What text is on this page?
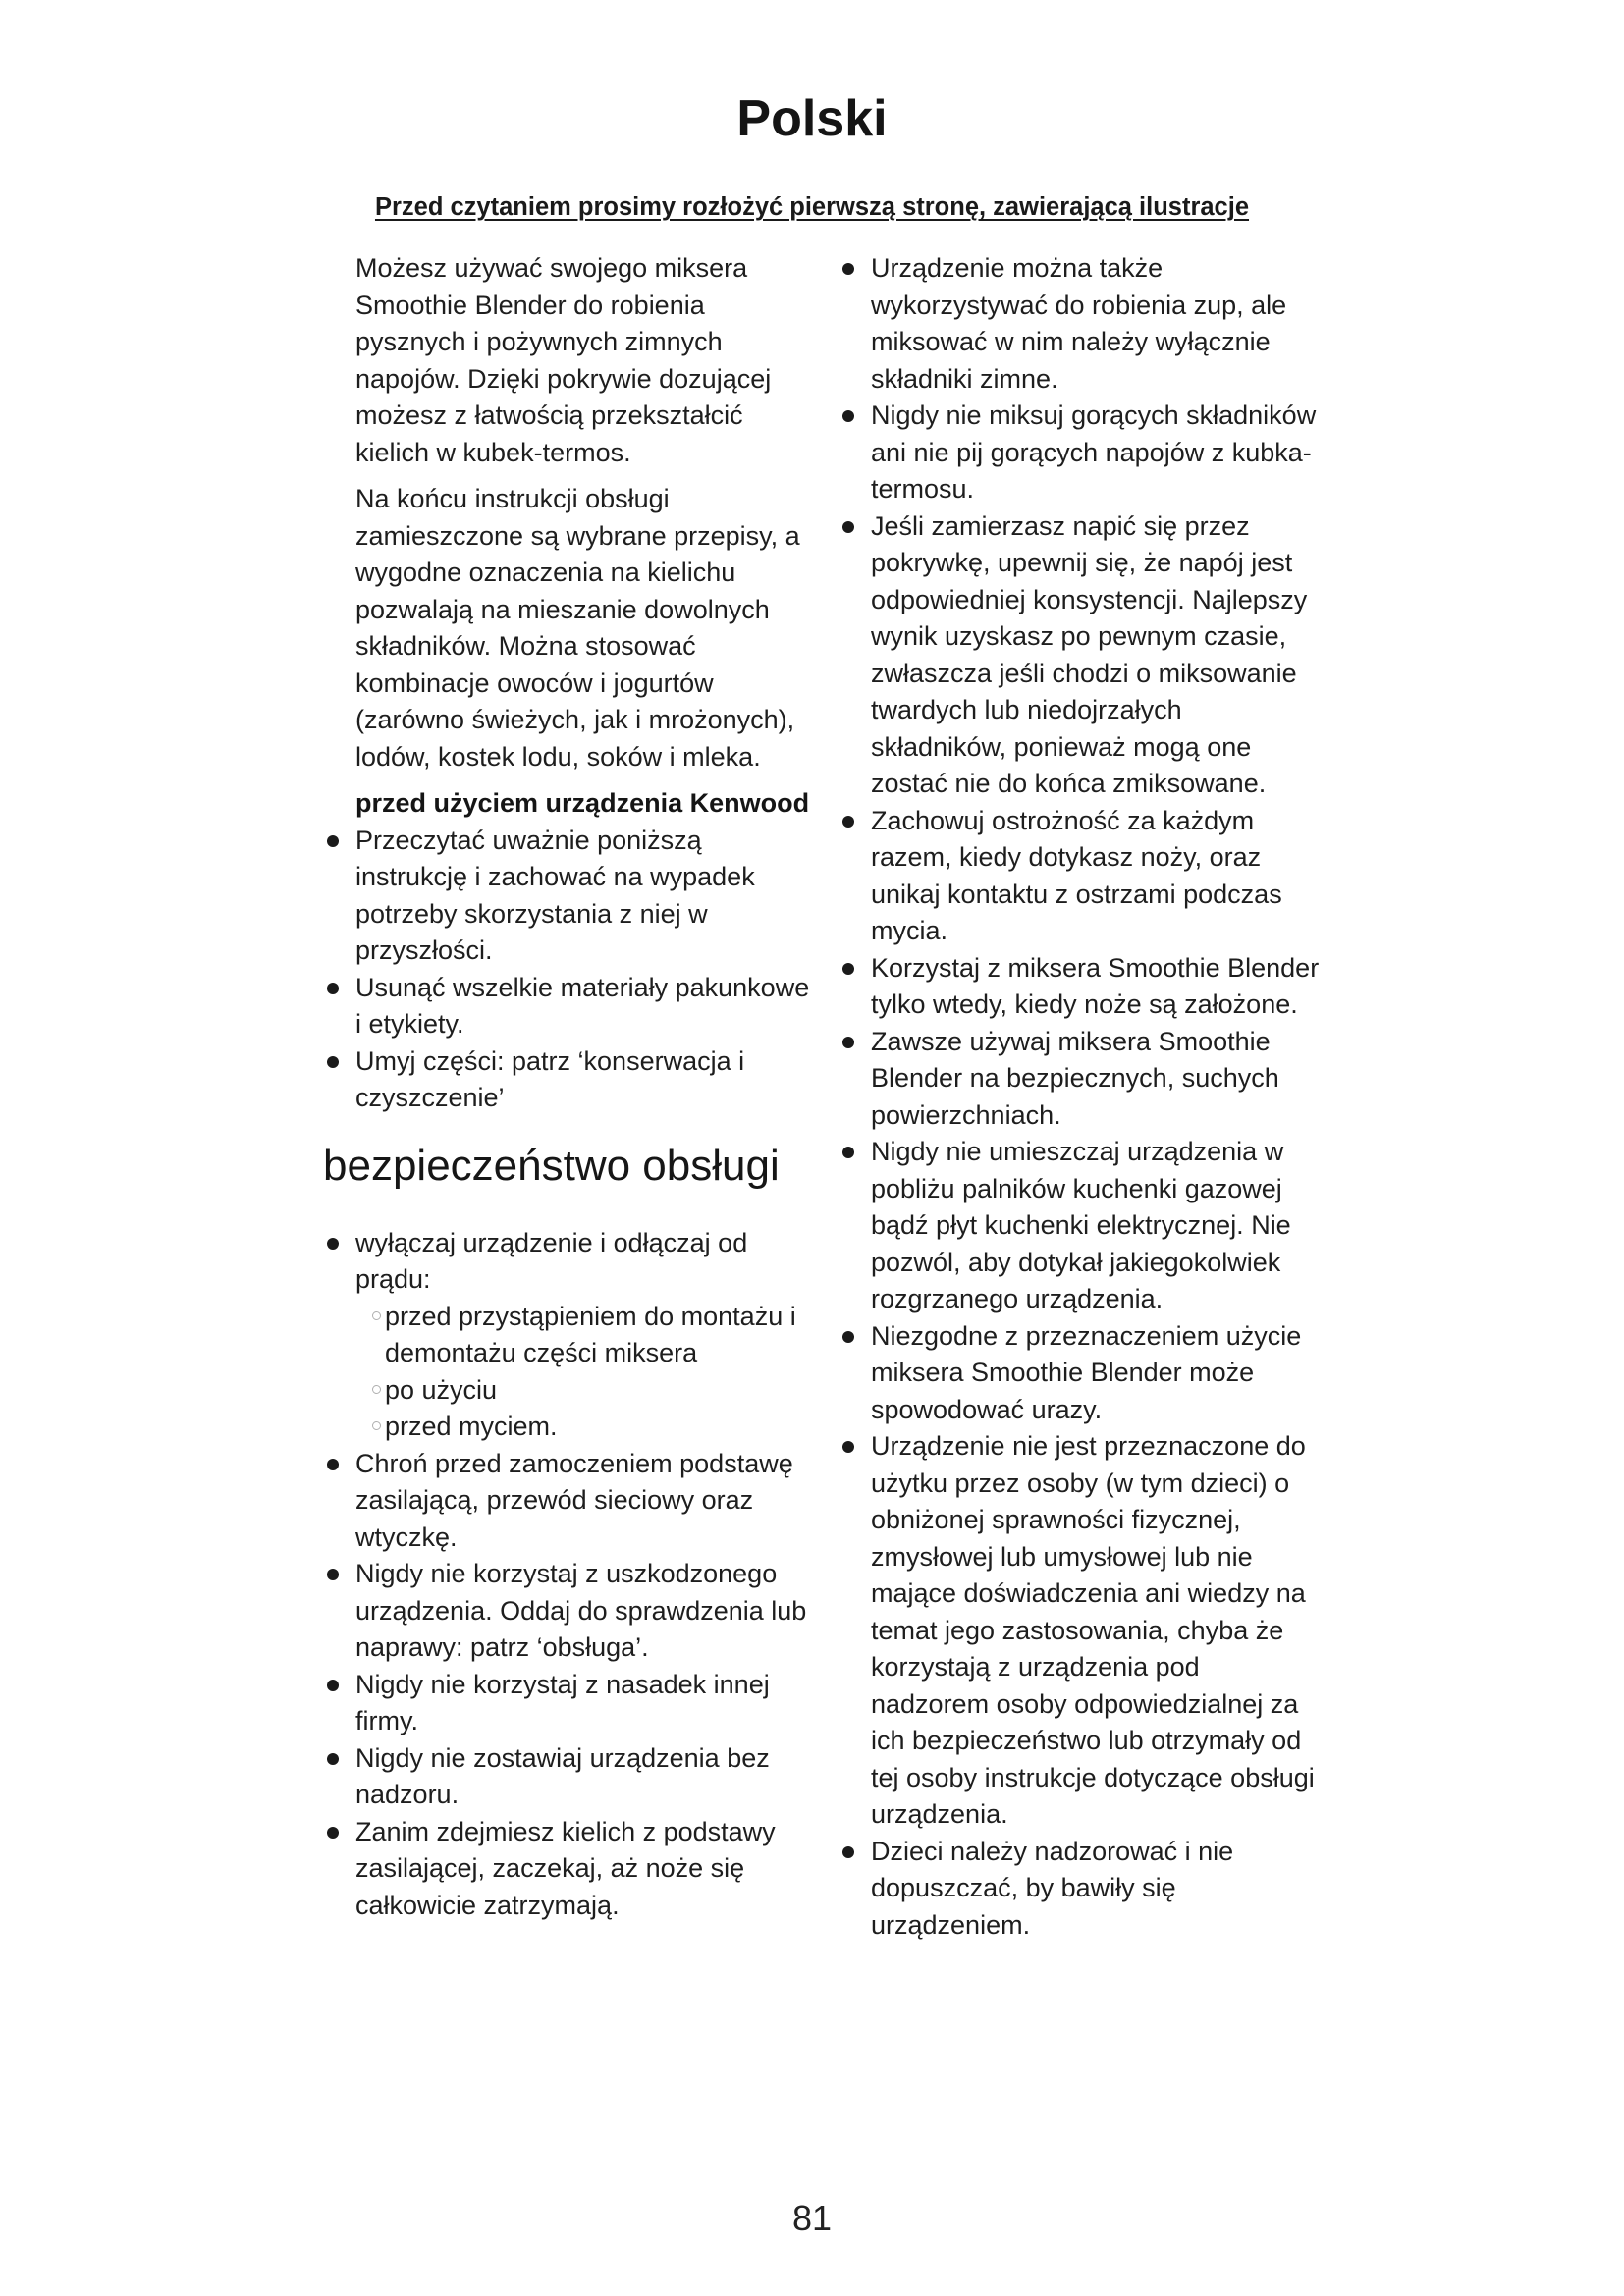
Polski

Przed czytaniem prosimy rozłożyć pierwszą stronę, zawierającą ilustracje

Możesz używać swojego miksera Smoothie Blender do robienia pysznych i pożywnych zimnych napojów. Dzięki pokrywie dozującej możesz z łatwością przekształcić kielich w kubek-termos.

Na końcu instrukcji obsługi zamieszczone są wybrane przepisy, a wygodne oznaczenia na kielichu pozwalają na mieszanie dowolnych składników. Można stosować kombinacje owoców i jogurtów (zarówno świeżych, jak i mrożonych), lodów, kostek lodu, soków i mleka.

przed użyciem urządzenia Kenwood
Przeczytać uważnie poniższą instrukcję i zachować na wypadek potrzeby skorzystania z niej w przyszłości.
Usunąć wszelkie materiały pakunkowe i etykiety.
Umyj części: patrz ‘konserwacja i czyszczenie’
bezpieczeństwo obsługi
wyłączaj urządzenie i odłączaj od prądu:
przed przystąpieniem do montażu i demontażu części miksera
po użyciu
przed myciem.
Chroń przed zamoczeniem podstawę zasilającą, przewód sieciowy oraz wtyczkę.
Nigdy nie korzystaj z uszkodzonego urządzenia. Oddaj do sprawdzenia lub naprawy: patrz ‘obsługa’.
Nigdy nie korzystaj z nasadek innej firmy.
Nigdy nie zostawiaj urządzenia bez nadzoru.
Zanim zdejmiesz kielich z podstawy zasilającej, zaczekaj, aż noże się całkowicie zatrzymają.
Urządzenie można także wykorzystywać do robienia zup, ale miksować w nim należy wyłącznie składniki zimne.
Nigdy nie miksuj gorących składników ani nie pij gorących napojów z kubka-termosu.
Jeśli zamierzasz napić się przez pokrywkę, upewnij się, że napój jest odpowiedniej konsystencji. Najlepszy wynik uzyskasz po pewnym czasie, zwłaszcza jeśli chodzi o miksowanie twardych lub niedojrzałych składników, ponieważ mogą one zostać nie do końca zmiksowane.
Zachowuj ostrożność za każdym razem, kiedy dotykasz noży, oraz unikaj kontaktu z ostrzami podczas mycia.
Korzystaj z miksera Smoothie Blender tylko wtedy, kiedy noże są założone.
Zawsze używaj miksera Smoothie Blender na bezpiecznych, suchych powierzchniach.
Nigdy nie umieszczaj urządzenia w pobliżu palników kuchenki gazowej bądź płyt kuchenki elektrycznej. Nie pozwól, aby dotykał jakiegokolwiek rozgrzanego urządzenia.
Niezgodne z przeznaczeniem użycie miksera Smoothie Blender może spowodować urazy.
Urządzenie nie jest przeznaczone do użytku przez osoby (w tym dzieci) o obniżonej sprawności fizycznej, zmysłowej lub umysłowej lub nie mające doświadczenia ani wiedzy na temat jego zastosowania, chyba że korzystają z urządzenia pod nadzorem osoby odpowiedzialnej za ich bezpieczeństwo lub otrzymały od tej osoby instrukcje dotyczące obsługi urządzenia.
Dzieci należy nadzorować i nie dopuszczać, by bawiły się urządzeniem.

81
